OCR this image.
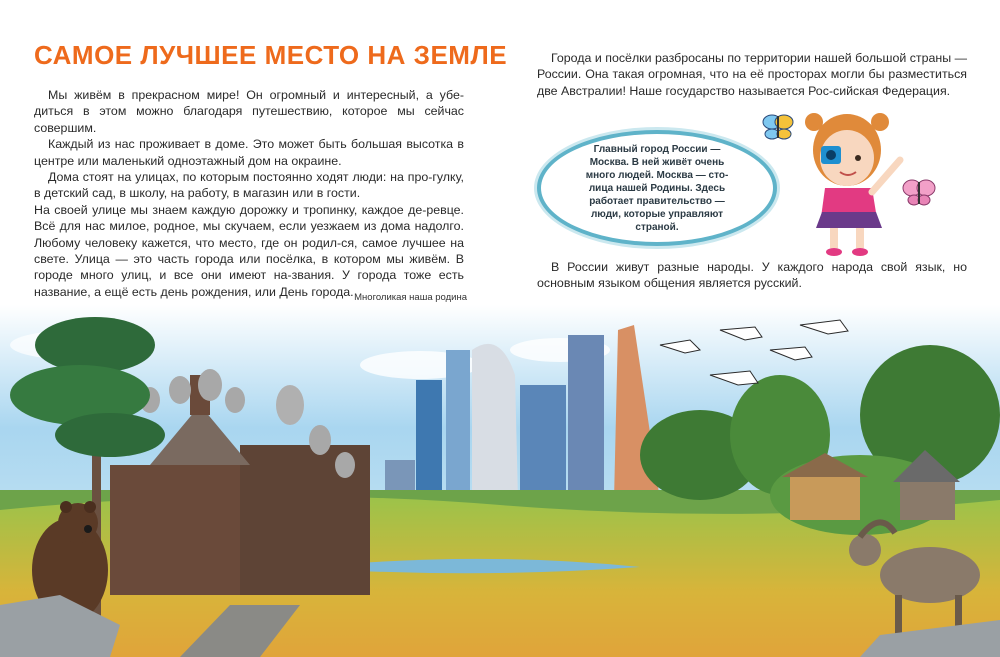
САМОЕ ЛУЧШЕЕ МЕСТО НА ЗЕМЛЕ

Мы живём в прекрасном мире! Он огромный и интересный, а убе-диться в этом можно благодаря путешествию, которое мы сейчас совершим.

Каждый из нас проживает в доме. Это может быть большая высотка в центре или маленький одноэтажный дом на окраине.

Дома стоят на улицах, по которым постоянно ходят люди: на про-гулку, в детский сад, в школу, на работу, в магазин или в гости.

На своей улице мы знаем каждую дорожку и тропинку, каждое де-ревце. Всё для нас милое, родное, мы скучаем, если уезжаем из дома надолго. Любому человеку кажется, что место, где он родил-ся, самое лучшее на свете. Улица — это часть города или посёлка, в котором мы живём. В городе много улиц, и все они имеют на-звания. У города тоже есть название, а ещё есть день рождения, или День города. Многоликая наша родина

Города и посёлки разбросаны по территории нашей большой страны — России. Она такая огромная, что на её просторах могли бы разместиться две Австралии! Наше государство называется Рос-сийская Федерация.

Главный город России — Москва. В ней живёт очень много людей. Москва — сто-лица нашей Родины. Здесь работает правительство — люди, которые управляют страной.

В России живут разные народы. У каждого народа свой язык, но основным языком общения является русский.
